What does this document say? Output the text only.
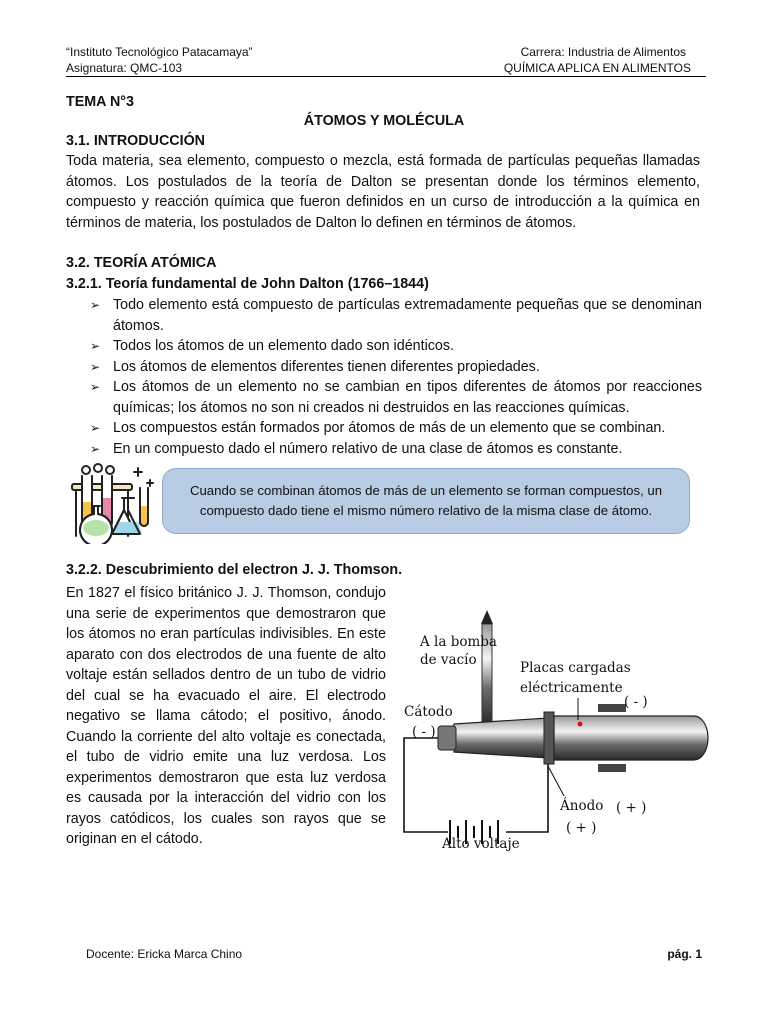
“Instituto Tecnológico Patacamaya”
Asignatura: QMC-103
Carrera: Industria de Alimentos
QUÍMICA APLICA EN ALIMENTOS
TEMA N°3
ÁTOMOS Y MOLÉCULA
3.1. INTRODUCCIÓN
Toda materia, sea elemento, compuesto o mezcla, está formada de partículas pequeñas llamadas átomos. Los postulados de la teoría de Dalton se presentan donde los términos elemento, compuesto y reacción química que fueron definidos en un curso de introducción a la química en términos de materia, los postulados de Dalton lo definen en términos de átomos.
3.2. TEORÍA ATÓMICA
3.2.1. Teoría fundamental de John Dalton (1766–1844)
➢ Todo elemento está compuesto de partículas extremadamente pequeñas que se denominan átomos.
➢ Todos los átomos de un elemento dado son idénticos.
➢ Los átomos de elementos diferentes tienen diferentes propiedades.
➢ Los átomos de un elemento no se cambian en tipos diferentes de átomos por reacciones químicas; los átomos no son ni creados ni destruidos en las reacciones químicas.
➢ Los compuestos están formados por átomos de más de un elemento que se combinan.
➢ En un compuesto dado el número relativo de una clase de átomos es constante.
Cuando se combinan átomos de más de un elemento se forman compuestos, un compuesto dado tiene el mismo número relativo de la misma clase de átomo.
3.2.2. Descubrimiento del electron J. J. Thomson.
En 1827 el físico británico J. J. Thomson, condujo una serie de experimentos que demostraron que los átomos no eran partículas indivisibles. En este aparato con dos electrodos de una fuente de alto voltaje están sellados dentro de un tubo de vidrio del cual se ha evacuado el aire. El electrodo negativo se llama cátodo; el positivo, ánodo. Cuando la corriente del alto voltaje es conectada, el tubo de vidrio emite una luz verdosa. Los experimentos demostraron que esta luz verdosa es causada por la interacción del vidrio con los rayos catódicos, los cuales son rayos que se originan en el cátodo.
A la bomba
de vacío	Placas cargadas
eléctricamente
Cátodo
( - )
( - )
Ánodo
( + )
( + )
Alto voltaje
Docente: Ericka Marca Chino	pág. 1
